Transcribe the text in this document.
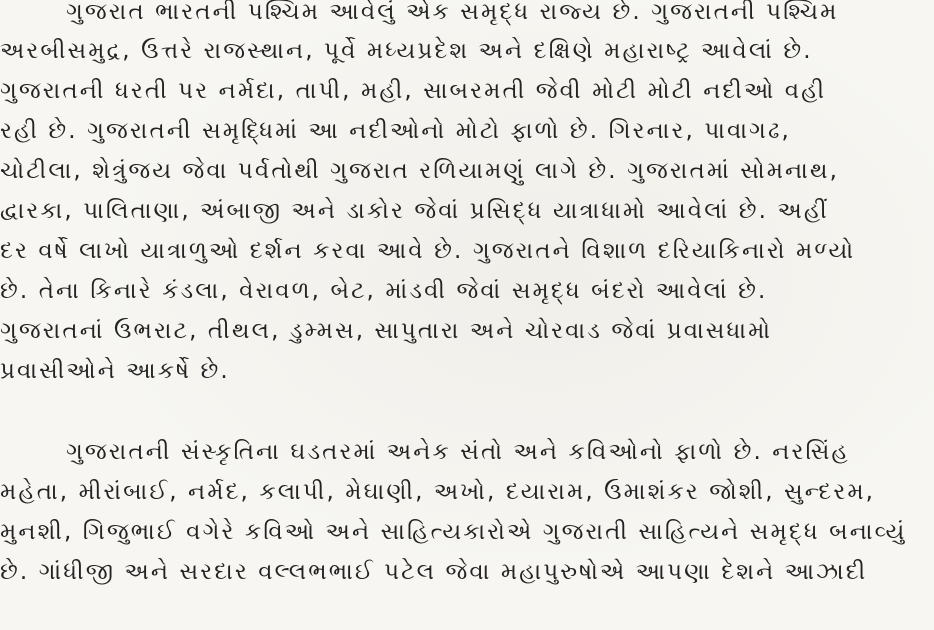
ગુજરાત ભારતની પશ્ચિમ આવેલું એક સમૃદ્ધ રાજ્ય છે. ગુજરાતની પશ્ચિમ

અરબીસમુદ્ર, ઉત્તરે રાજસ્થાન, પૂર્વે મધ્યપ્રદેશ અને દક્ષિણે મહારાષ્ટ્ર આવેલાં છે.

ગુજરાતની ધરતી પર નર્મદા, તાપી, મહી, સાબરમતી જેવી મોટી મોટી નદીઓ વહી

રહી છે. ગુજરાતની સમૃદ્ધિમાં આ નદીઓનો મોટો ફાળો છે. ગિરનાર, પાવાગઢ,

ચોટીલા, શેત્રુંજય જેવા પર્વતોથી ગુજરાત રળિયામણું લાગે છે. ગુજરાતમાં સોમનાથ,

દ્વારકા, પાલિતાણા, અંબાજી અને ડાકોર જેવાં પ્રસિદ્ધ યાત્રાધામો આવેલાં છે. અહીં

દર વર્ષે લાખો યાત્રાળુઓ દર્શન કરવા આવે છે. ગુજરાતને વિશાળ દરિયાકિનારો મળ્યો

છે. તેના કિનારે કંડલા, વેરાવળ, બેટ, માંડવી જેવાં સમૃદ્ધ બંદરો આવેલાં છે.

ગુજરાતનાં ઉભરાટ, તીથલ, ડુમ્મસ, સાપુતારા અને ચોરવાડ જેવાં પ્રવાસધામો

પ્રવાસીઓને આકર્ષે છે.

ગુજરાતની સંસ્કૃતિના ઘડતરમાં અનેક સંતો અને કવિઓનો ફાળો છે. નરસિંહ

મહેતા, મીરાંબાઈ, નર્મદ, કલાપી, મેઘાણી, અખો, દયારામ, ઉમાશંકર જોશી, સુન્દરમ,

મુનશી, ગિજુભાઈ વગેરે કવિઓ અને સાહિત્યકારોએ ગુજરાતી સાહિત્યને સમૃદ્ધ બનાવ્યું

છે. ગાંધીજી અને સરદાર વલ્લભભાઈ પટેલ જેવા મહાપુરુષોએ આપણા દેશને આઝાદી
